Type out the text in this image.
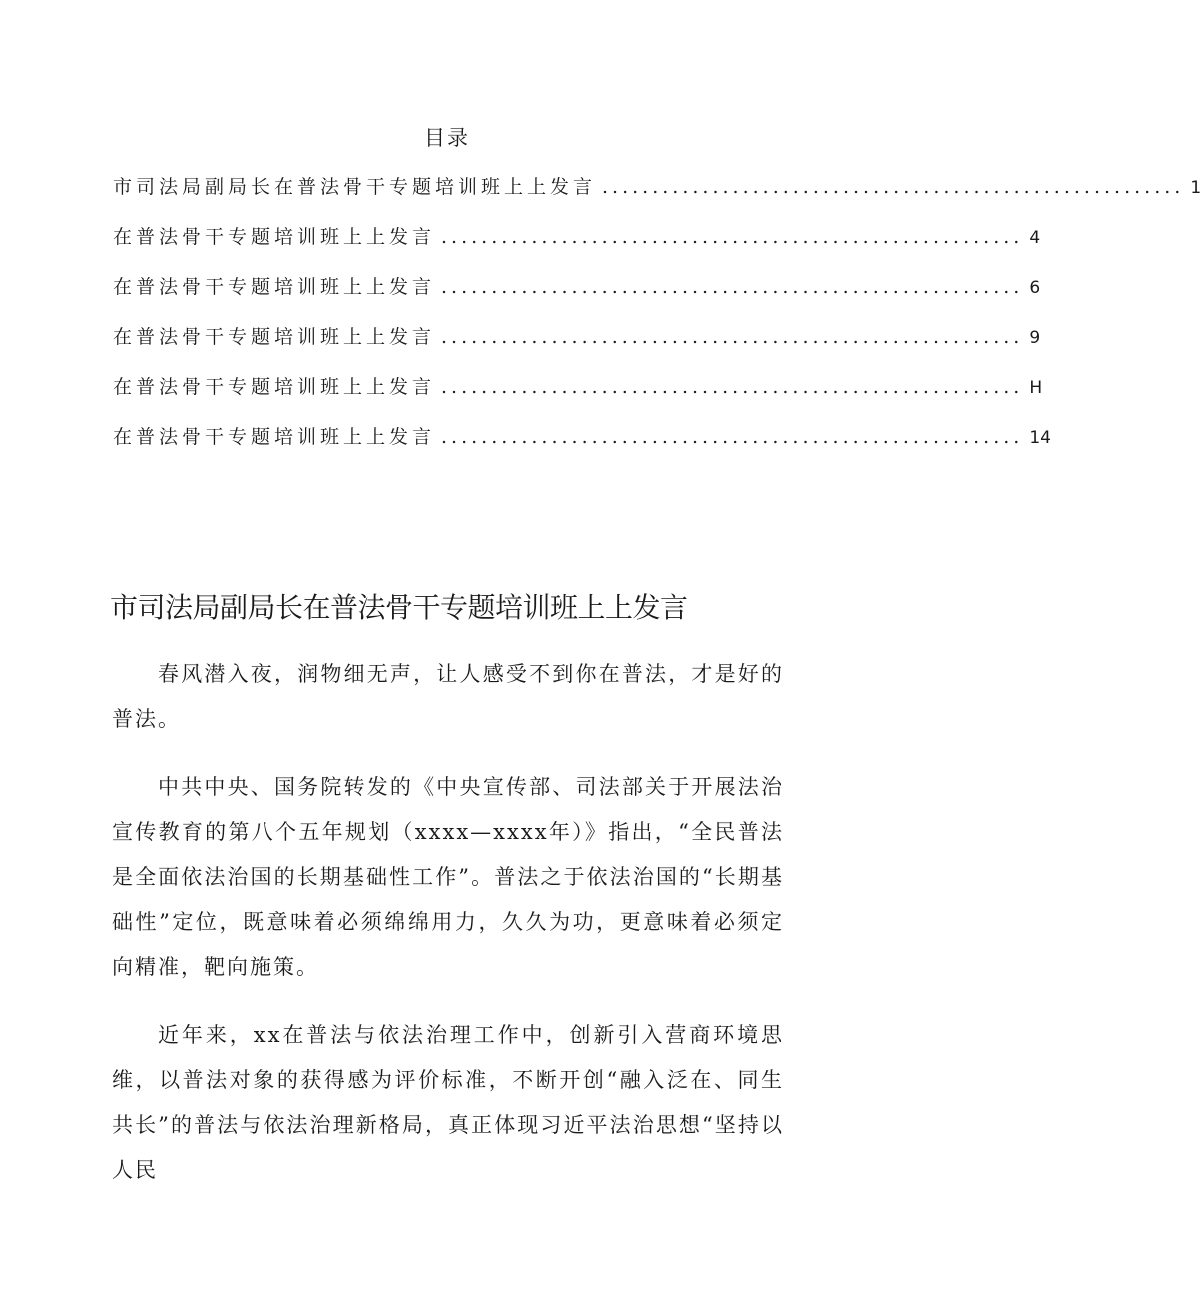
目录
市司法局副局长在普法骨干专题培训班上上发言 .......................................................... 1
在普法骨干专题培训班上上发言 .......................................................... 4
在普法骨干专题培训班上上发言 .......................................................... 6
在普法骨干专题培训班上上发言 .......................................................... 9
在普法骨干专题培训班上上发言 .......................................................... H
在普法骨干专题培训班上上发言 .......................................................... 14
市司法局副局长在普法骨干专题培训班上上发言

春风潜入夜，润物细无声，让人感受不到你在普法，才是好的普法。

中共中央、国务院转发的《中央宣传部、司法部关于开展法治宣传教育的第八个五年规划（xxxx—xxxx年）》指出，“全民普法是全面依法治国的长期基础性工作”。普法之于依法治国的“长期基础性”定位，既意味着必须绵绵用力，久久为功，更意味着必须定向精准，靶向施策。

近年来，xx在普法与依法治理工作中，创新引入营商环境思维，以普法对象的获得感为评价标准，不断开创“融入泛在、同生共长”的普法与依法治理新格局，真正体现习近平法治思想“坚持以人民
